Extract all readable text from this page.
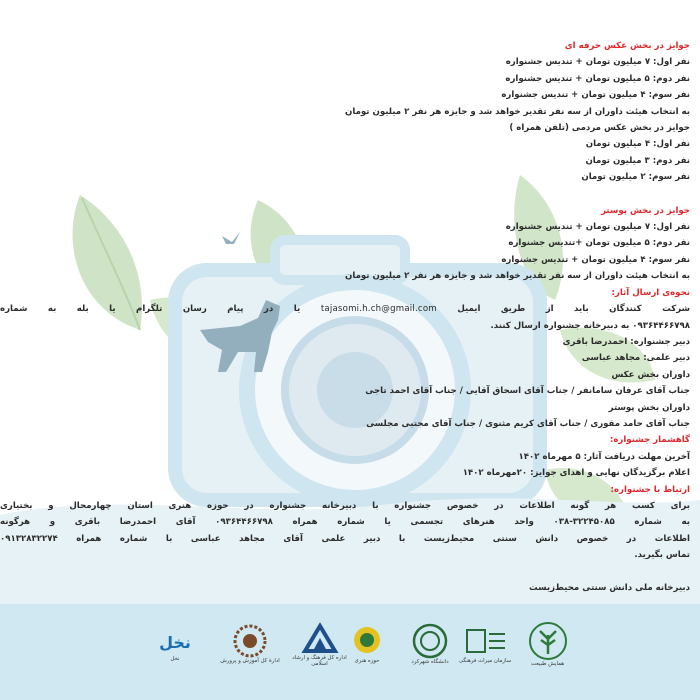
جوایز در بخش عکس حرفه ای
نفر اول: ۷ میلیون تومان + تندیس جشنواره
نفر دوم: ۵ میلیون تومان + تندیس جشنواره
نفر سوم: ۴ میلیون تومان + تندیس جشنواره
به انتخاب هیئت داوران از سه نفر تقدیر خواهد شد و جایزه هر نفر ۲ میلیون تومان
جوایز در بخش عکس مردمی (تلفن همراه )
نفر اول: ۴ میلیون تومان
نفر دوم: ۳ میلیون تومان
نفر سوم: ۲ میلیون تومان
جوایز در بخش پوستر
نفر اول: ۷ میلیون تومان + تندیس جشنواره
نفر دوم: ۵ میلیون تومان +تندیس جشنواره
نفر سوم: ۴ میلیون تومان + تندیس جشنواره
به انتخاب هیئت داوران از سه نفر تقدیر خواهد شد و جایزه هر نفر ۲ میلیون تومان
نحوه‌ی ارسال آثار:
شرکت کنندگان باید از طریق ایمیل tajasomi.h.ch@gmail.com یا در پیام رسان تلگرام یا بله به شماره
۰۹۳۶۴۴۶۶۷۹۸ به دبیرخانه جشنواره ارسال کنند.
دبیر جشنواره: احمدرضا باقری
دبیر علمی: مجاهد عباسی
داوران بخش عکس
جناب آقای عرفان سامانفر / جناب آقای اسحاق آقایی / جناب آقای احمد تاجی
داوران بخش پوستر
جناب آقای حامد مقوری / جناب آقای کریم مثنوی / جناب آقای مجتبی مجلسی
گاهشمار جشنواره:
آخرین مهلت دریافت آثار: ۵ مهرماه ۱۴۰۲
اعلام برگزیدگان نهایی و اهدای جوایز: ۲۰مهرماه ۱۴۰۲
ارتباط با جشنواره:
برای کسب هر گونه اطلاعات در خصوص جشنواره با دبیرخانه جشنواره در حوزه هنری استان چهارمحال و بختیاری
به شماره ۳۲۲۴۵۰۸۵-۰۳۸ واحد هنرهای تجسمی یا شماره همراه ۰۹۳۶۴۴۶۶۷۹۸ آقای احمدرضا باقری و هرگونه
اطلاعات در خصوص دانش سنتی محیط‌زیست با دبیر علمی آقای مجاهد عباسی با شماره همراه ۰۹۱۳۲۸۳۲۲۷۴
تماس بگیرید.
دبیرخانه ملی دانش سنتی محیط‌زیست
نخل
نخل	ادارهٔ کل آموزش و پرورش	اداره کل فرهنگ و ارشاد اسلامی	حوزه هنری	دانشگاه شهرکرد سازمان میراث فرهنگی	همایش طبیعت
